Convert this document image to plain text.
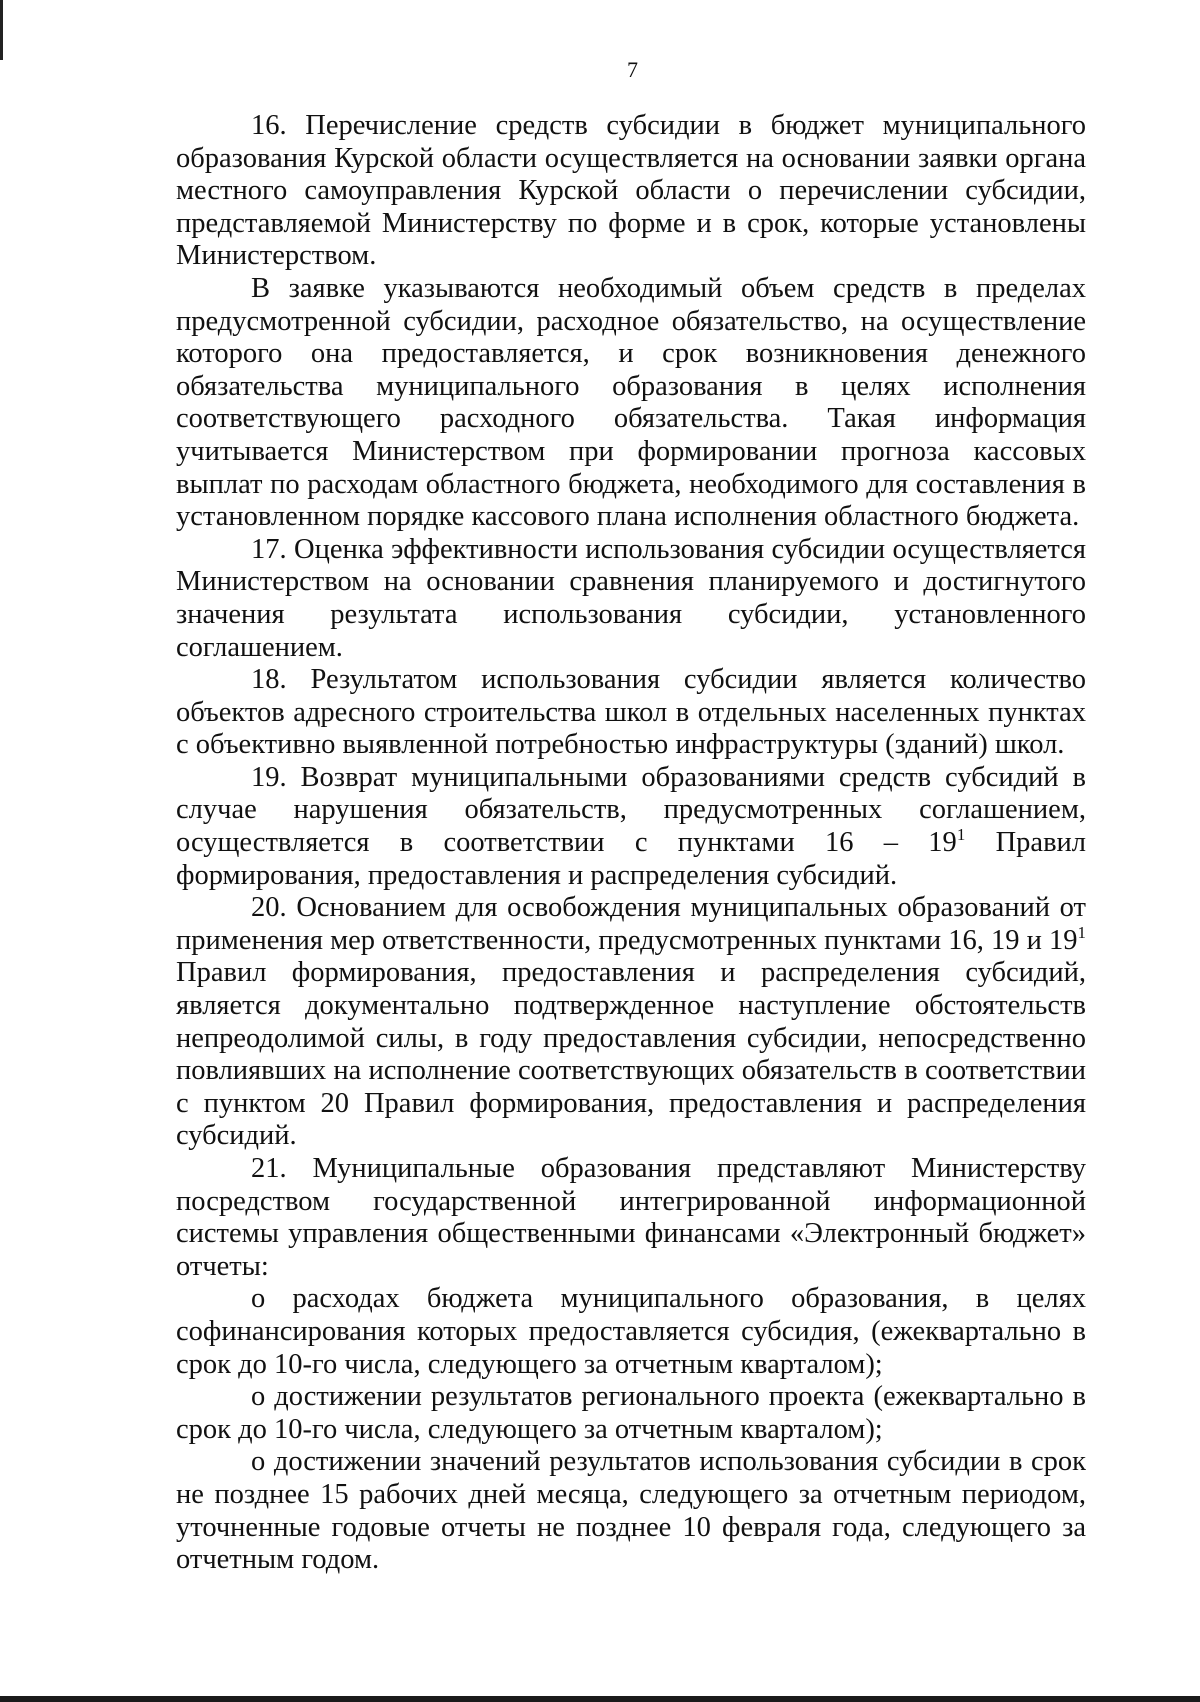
7

16. Перечисление средств субсидии в бюджет муниципального образования Курской области осуществляется на основании заявки органа местного самоуправления Курской области о перечислении субсидии, представляемой Министерству по форме и в срок, которые установлены Министерством.

В заявке указываются необходимый объем средств в пределах предусмотренной субсидии, расходное обязательство, на осуществление которого она предоставляется, и срок возникновения денежного обязательства муниципального образования в целях исполнения соответствующего расходного обязательства. Такая информация учитывается Министерством при формировании прогноза кассовых выплат по расходам областного бюджета, необходимого для составления в установленном порядке кассового плана исполнения областного бюджета.

17. Оценка эффективности использования субсидии осуществляется Министерством на основании сравнения планируемого и достигнутого значения результата использования субсидии, установленного соглашением.

18. Результатом использования субсидии является количество объектов адресного строительства школ в отдельных населенных пунктах с объективно выявленной потребностью инфраструктуры (зданий) школ.

19. Возврат муниципальными образованиями средств субсидий в случае нарушения обязательств, предусмотренных соглашением, осуществляется в соответствии с пунктами $16 - 19^1$ Правил формирования, предоставления и распределения субсидий.

20. Основанием для освобождения муниципальных образований от применения мер ответственности, предусмотренных пунктами 16, 19 и $19^1$ Правил формирования, предоставления и распределения субсидий, является документально подтвержденное наступление обстоятельств непреодолимой силы, в году предоставления субсидии, непосредственно повлиявших на исполнение соответствующих обязательств в соответствии с пунктом 20 Правил формирования, предоставления и распределения субсидий.

21. Муниципальные образования представляют Министерству посредством государственной интегрированной информационной системы управления общественными финансами «Электронный бюджет» отчеты:

о расходах бюджета муниципального образования, в целях софинансирования которых предоставляется субсидия, (ежеквартально в срок до 10-го числа, следующего за отчетным кварталом);

о достижении результатов регионального проекта (ежеквартально в срок до 10-го числа, следующего за отчетным кварталом);

о достижении значений результатов использования субсидии в срок не позднее 15 рабочих дней месяца, следующего за отчетным периодом, уточненные годовые отчеты не позднее 10 февраля года, следующего за отчетным годом.
